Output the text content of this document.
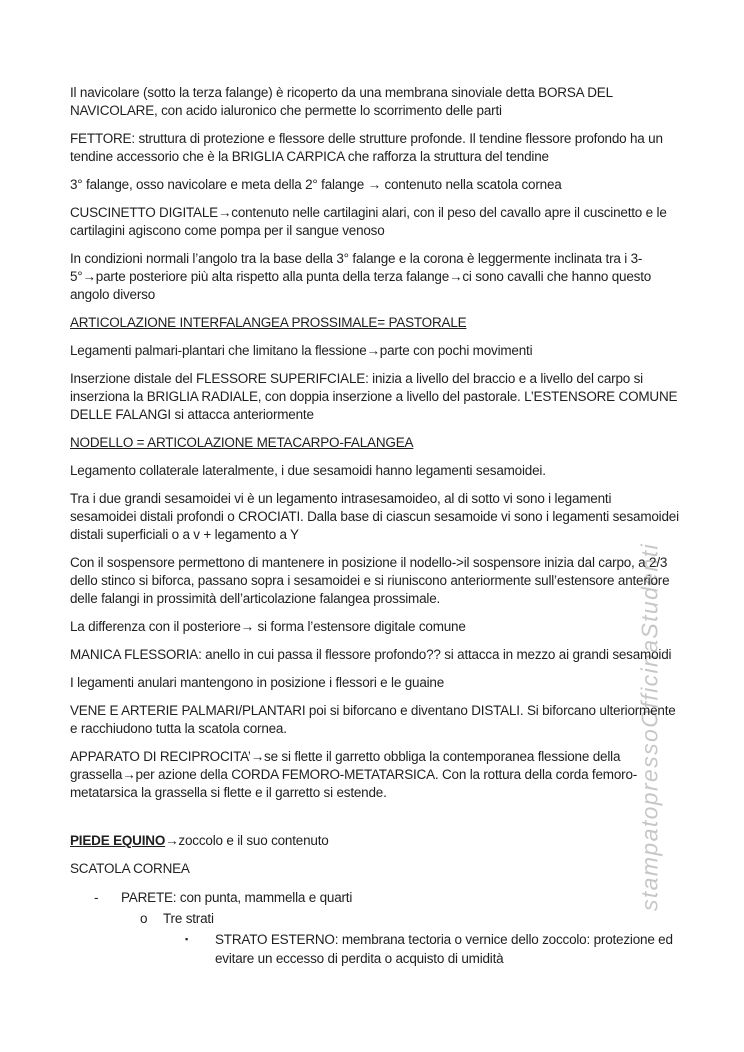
stampatopressoOfficinaStudenti

Il navicolare (sotto la terza falange) è ricoperto da una membrana sinoviale detta BORSA DEL NAVICOLARE, con acido ialuronico che permette lo scorrimento delle parti

FETTORE: struttura di protezione e flessore delle strutture profonde. Il tendine flessore profondo ha un tendine accessorio che è la BRIGLIA CARPICA che rafforza la struttura del tendine

3° falange, osso navicolare e meta della 2° falange → contenuto nella scatola cornea

CUSCINETTO DIGITALE→contenuto nelle cartilagini alari, con il peso del cavallo apre il cuscinetto e le cartilagini agiscono come pompa per il sangue venoso

In condizioni normali l’angolo tra la base della 3° falange e la corona è leggermente inclinata tra i 3-5°→parte posteriore più alta rispetto alla punta della terza falange→ci sono cavalli che hanno questo angolo diverso

ARTICOLAZIONE INTERFALANGEA PROSSIMALE= PASTORALE

Legamenti palmari-plantari che limitano la flessione→parte con pochi movimenti

Inserzione distale del FLESSORE SUPERIFCIALE: inizia a livello del braccio e a livello del carpo si inserziona la BRIGLIA RADIALE, con doppia inserzione a livello del pastorale. L’ESTENSORE COMUNE DELLE FALANGI si attacca anteriormente

NODELLO = ARTICOLAZIONE METACARPO-FALANGEA

Legamento collaterale lateralmente, i due sesamoidi hanno legamenti sesamoidei.

Tra i due grandi sesamoidei vi è un legamento intrasesamoideo, al di sotto vi sono i legamenti sesamoidei distali profondi o CROCIATI. Dalla base di ciascun sesamoide vi sono i legamenti sesamoidei distali superficiali o a v + legamento a Y

Con il sospensore permettono di mantenere in posizione il nodello->il sospensore inizia dal carpo, a 2/3 dello stinco si biforca, passano sopra i sesamoidei e si riuniscono anteriormente sull’estensore anteriore delle falangi in prossimità dell’articolazione falangea prossimale.

La differenza con il posteriore→ si forma l’estensore digitale comune

MANICA FLESSORIA: anello in cui passa il flessore profondo?? si attacca in mezzo ai grandi sesamoidi

I legamenti anulari mantengono in posizione i flessori e le guaine

VENE E ARTERIE PALMARI/PLANTARI poi si biforcano e diventano DISTALI. Si biforcano ulteriormente e racchiudono tutta la scatola cornea.

APPARATO DI RECIPROCITA’→se si flette il garretto obbliga la contemporanea flessione della grassella→per azione della CORDA FEMORO-METATARSICA. Con la rottura della corda femoro-metatarsica la grassella si flette e il garretto si estende.

PIEDE EQUINO→zoccolo e il suo contenuto

SCATOLA CORNEA

-	PARETE: con punta, mammella e quarti
o	Tre strati
▪	STRATO ESTERNO: membrana tectoria o vernice dello zoccolo: protezione ed evitare un eccesso di perdita o acquisto di umidità
